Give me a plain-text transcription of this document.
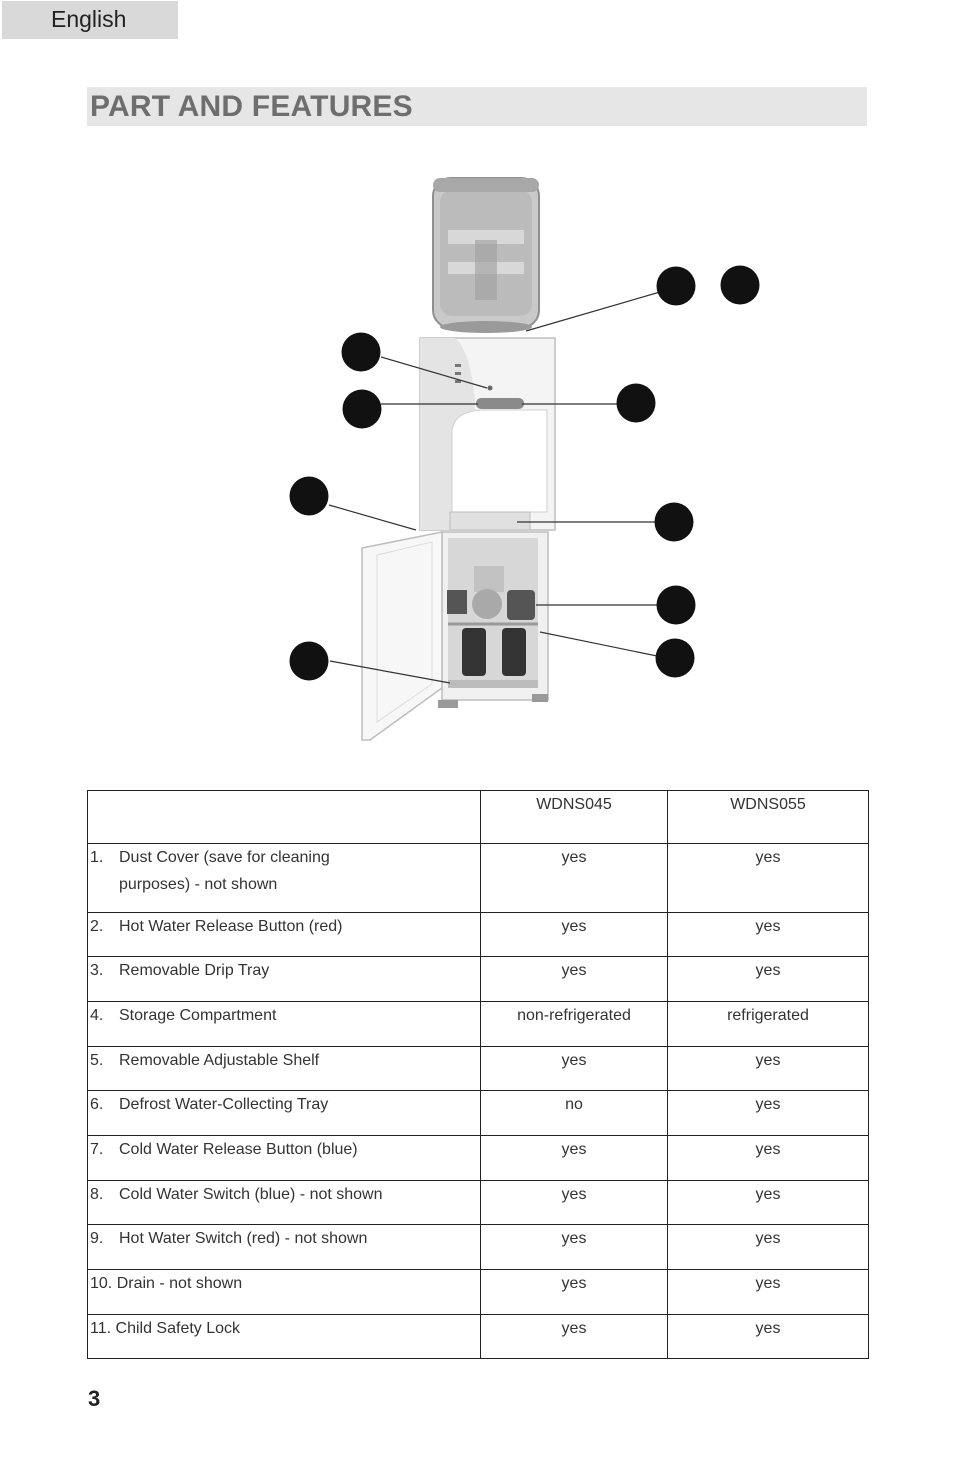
English
PART AND FEATURES
	WDNS045	WDNS055
1. Dust Cover (save for cleaning
purposes) - not shown	yes	yes
2. Hot Water Release Button (red)	yes	yes
3. Removable Drip Tray	yes	yes
4. Storage Compartment	non-refrigerated	refrigerated
5. Removable Adjustable Shelf	yes	yes
6. Defrost Water-Collecting Tray	no	yes
7. Cold Water Release Button (blue)	yes	yes
8. Cold Water Switch (blue) - not shown	yes	yes
9. Hot Water Switch (red) - not shown	yes	yes
10. Drain - not shown	yes	yes
11. Child Safety Lock	yes	yes
3
